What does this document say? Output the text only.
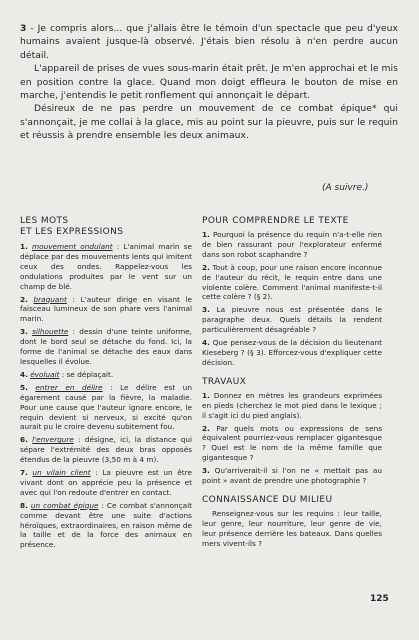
3 - Je compris alors... que j'allais être le témoin d'un spectacle que peu d'yeux humains avaient jusque-là observé. J'étais bien résolu à n'en perdre aucun détail.

L'appareil de prises de vues sous-marin était prêt. Je m'en approchai et le mis en position contre la glace. Quand mon doigt effleura le bouton de mise en marche, j'entendis le petit ronflement qui annonçait le départ.

Désireux de ne pas perdre un mouvement de ce combat épique* qui s'annonçait, je me collai à la glace, mis au point sur la pieuvre, puis sur le requin et réussis à prendre ensemble les deux animaux.

(A suivre.)
LES MOTS
ET LES EXPRESSIONS

1. mouvement ondulant : L'animal marin se déplace par des mouvements lents qui imitent ceux des ondes. Rappelez-vous les ondulations produites par le vent sur un champ de blé.

2. braquant : L'auteur dirige en visant le faisceau lumineux de son phare vers l'animal marin.

3. silhouette : dessin d'une teinte uniforme, dont le bord seul se détache du fond. Ici, la forme de l'animal se détache des eaux dans lesquelles il évolue.

4. évoluait : se déplaçait.

5. entrer en délire : Le délire est un égarement causé par la fièvre, la maladie. Pour une cause que l'auteur ignore encore, le requin devient si nerveux, si excité qu'on aurait pu le croire devenu subitement fou.

6. l'envergure : désigne, ici, la distance qui sépare l'extrémité des deux bras opposés étendus de la pieuvre (3,50 m à 4 m).

7. un vilain client : La pieuvre est un être vivant dont on apprécie peu la présence et avec qui l'on redoute d'entrer en contact.

8. un combat épique : Ce combat s'annonçait comme devant être une suite d'actions héroïques, extraordinaires, en raison même de la taille et de la force des animaux en présence.

POUR COMPRENDRE LE TEXTE

1. Pourquoi la présence du requin n'a-t-elle rien de bien rassurant pour l'explorateur enfermé dans son robot scaphandre ?

2. Tout à coup, pour une raison encore inconnue de l'auteur du récit, le requin entre dans une violente colère. Comment l'animal manifeste-t-il cette colère ? (§ 2).

3. La pieuvre nous est présentée dans le paragraphe deux. Quels détails la rendent particulièrement désagréable ?

4. Que pensez-vous de la décision du lieutenant Kieseberg ? (§ 3). Efforcez-vous d'expliquer cette décision.

TRAVAUX

1. Donnez en mètres les grandeurs exprimées en pieds (cherchez le mot pied dans le lexique ; il s'agit ici du pied anglais).

2. Par quels mots ou expressions de sens équivalent pourriez-vous remplacer gigantesque ? Quel est le nom de la même famille que gigantesque ?

3. Qu'arriverait-il si l'on ne « mettait pas au point » avant de prendre une photographie ?

CONNAISSANCE DU MILIEU

Renseignez-vous sur les requins : leur taille, leur genre, leur nourriture, leur genre de vie, leur présence derrière les bateaux. Dans quelles mers vivent-ils ?

125
